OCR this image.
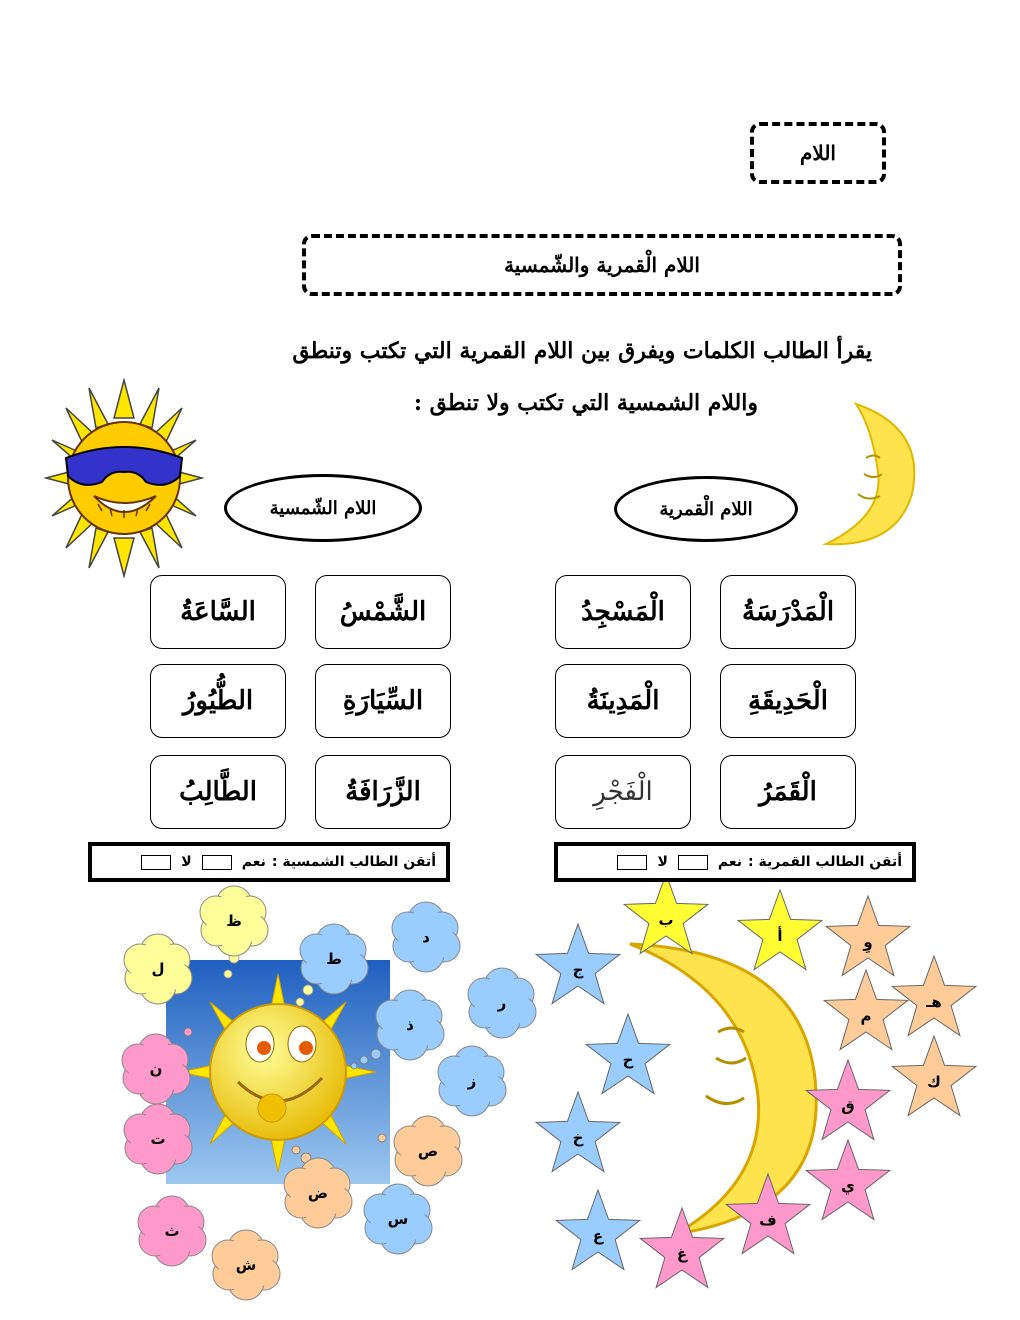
اللام
اللام الْقمرية والشّمسية
يقرأ الطالب الكلمات ويفرق بين اللام القمرية التي تكتب وتنطق
واللام الشمسية التي تكتب ولا تنطق :
اللام الشّمسية	اللام الْقمرية
الْمَدْرَسَةُ
الْمَسْجِدُ
الْحَدِيقَةِ
الْمَدِينَةُ
الْقَمَرُ
الْفَجْرِ
الشَّمْسُ
السَّاعَةُ
السِّيَارَةِ
الطُّيُورُ
الزَّرَافَةُ
الطَّالِبُ
أتقن الطالب القمرية :
نعم
لا
أتقن الطالب الشمسية :
نعم
لا
ظ
ل
ط
د
ر
ذ
ن
ز
ت
ص
ض
س
ث
ش
ب
أ	وِ
ج
هـ
م
ح
ك
ق
خ
ي
ع
ف
غ
